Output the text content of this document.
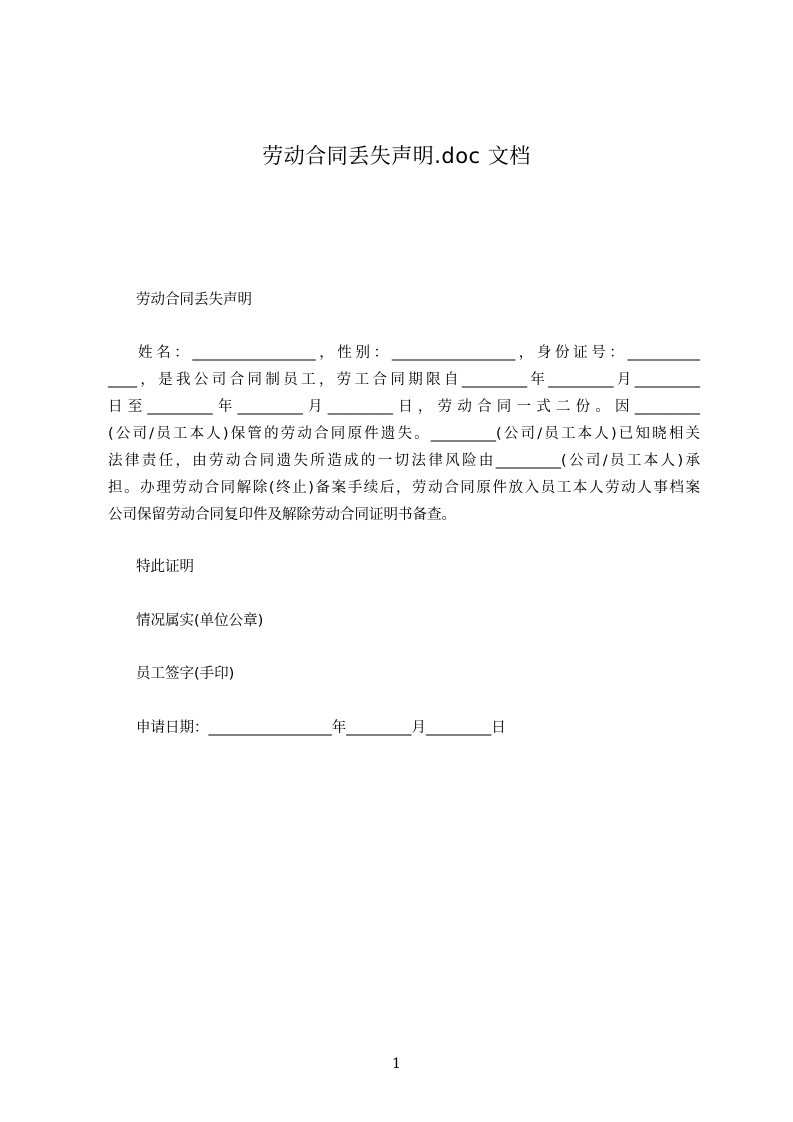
劳动合同丢失声明.doc 文档
劳动合同丢失声明
姓名：_________________，性别：_________________，身份证号：__________
____，是我公司合同制员工，劳工合同期限自_________年_________月_________
日至_________年_________月_________日，劳动合同一式二份。因_________
(公司/员工本人)保管的劳动合同原件遗失。_________(公司/员工本人)已知晓相关
法律责任，由劳动合同遗失所造成的一切法律风险由_________(公司/员工本人)承
担。办理劳动合同解除(终止)备案手续后，劳动合同原件放入员工本人劳动人事档案
公司保留劳动合同复印件及解除劳动合同证明书备查。
特此证明
情况属实(单位公章)
员工签字(手印)
申请日期：_________________年_________月_________日
1
